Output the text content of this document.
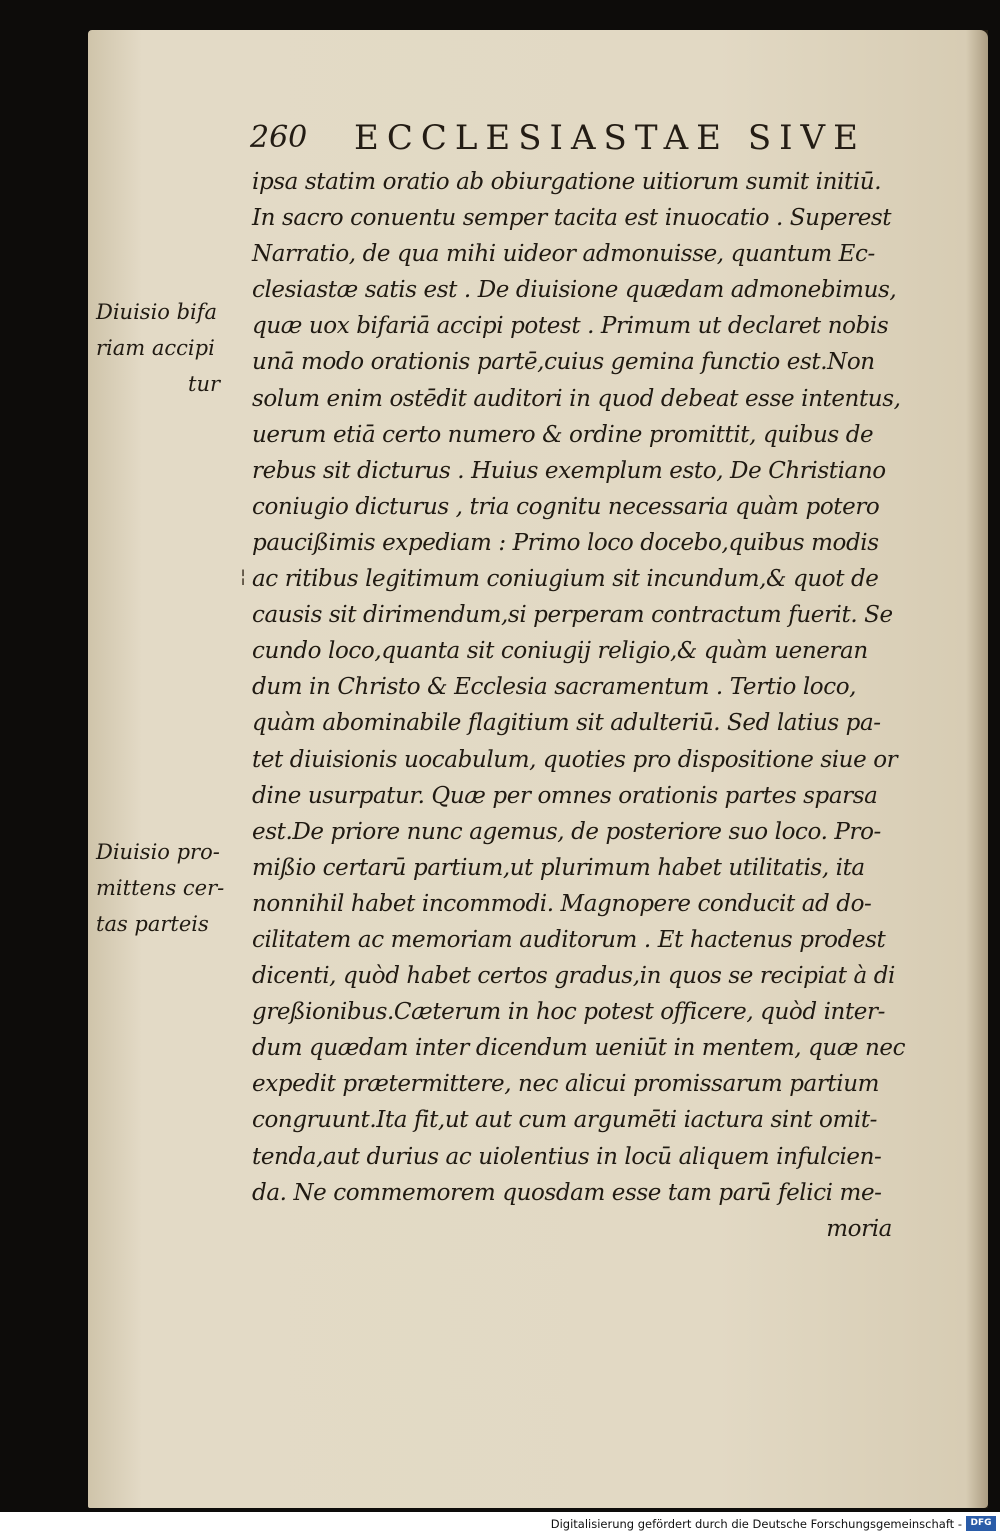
260 ECCLESIASTAE SIVE
Diuisio bifa
riam accipi
tur
¦
Diuisio pro-
mittens cer-
tas parteis
ipsa statim oratio ab obiurgatione uitiorum sumit initiū.
In sacro conuentu semper tacita est inuocatio . Superest
Narratio, de qua mihi uideor admonuisse, quantum Ec-
clesiastæ satis est . De diuisione quædam admonebimus,
quæ uox bifariā accipi potest . Primum ut declaret nobis
unā modo orationis partē,cuius gemina functio est.Non
solum enim ostēdit auditori in quod debeat esse intentus,
uerum etiā certo numero & ordine promittit, quibus de
rebus sit dicturus . Huius exemplum esto, De Christiano
coniugio dicturus , tria cognitu necessaria quàm potero
paucißimis expediam : Primo loco docebo,quibus modis
ac ritibus legitimum coniugium sit incundum,& quot de
causis sit dirimendum,si perperam contractum fuerit. Se
cundo loco,quanta sit coniugij religio,& quàm ueneran
dum in Christo & Ecclesia sacramentum . Tertio loco,
quàm abominabile flagitium sit adulteriū. Sed latius pa-
tet diuisionis uocabulum, quoties pro dispositione siue or
dine usurpatur. Quæ per omnes orationis partes sparsa
est.De priore nunc agemus, de posteriore suo loco. Pro-
mißio certarū partium,ut plurimum habet utilitatis, ita
nonnihil habet incommodi. Magnopere conducit ad do-
cilitatem ac memoriam auditorum . Et hactenus prodest
dicenti, quòd habet certos gradus,in quos se recipiat à di
greßionibus.Cæterum in hoc potest officere, quòd inter-
dum quædam inter dicendum ueniūt in mentem, quæ nec
expedit prætermittere, nec alicui promissarum partium
congruunt.Ita fit,ut aut cum argumēti iactura sint omit-
tenda,aut durius ac uiolentius in locū aliquem infulcien-
da. Ne commemorem quosdam esse tam parū felici me-
moria
Digitalisierung gefördert durch die Deutsche Forschungsgemeinschaft - DFG
